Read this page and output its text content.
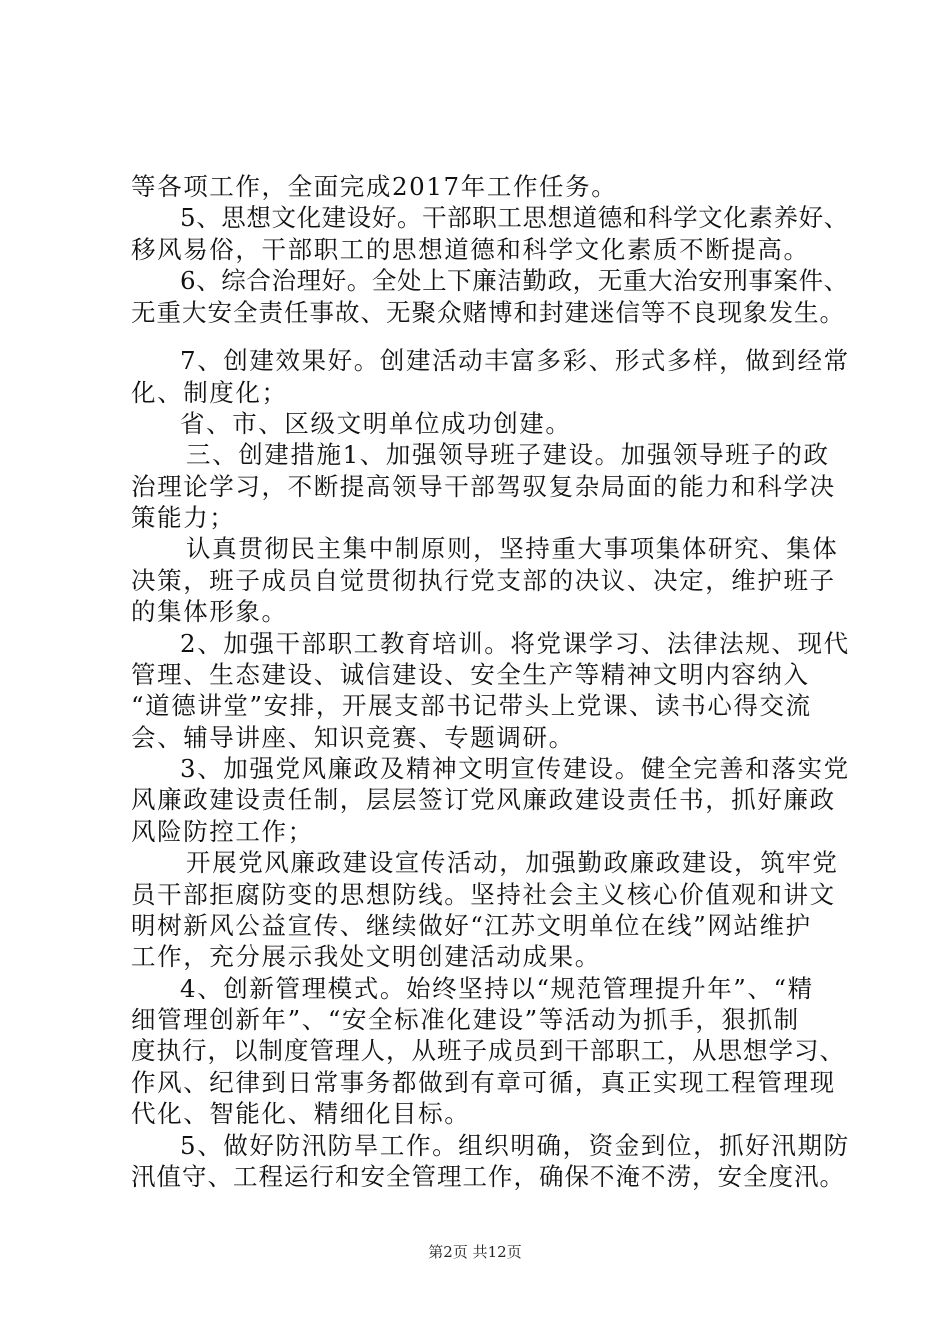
等各项工作，全面完成2017年工作任务。
5、思想文化建设好。干部职工思想道德和科学文化素养好、
移风易俗，干部职工的思想道德和科学文化素质不断提高。
6、综合治理好。全处上下廉洁勤政，无重大治安刑事案件、
无重大安全责任事故、无聚众赌博和封建迷信等不良现象发生。
7、创建效果好。创建活动丰富多彩、形式多样，做到经常
化、制度化；
省、市、区级文明单位成功创建。
三、创建措施1、加强领导班子建设。加强领导班子的政
治理论学习，不断提高领导干部驾驭复杂局面的能力和科学决
策能力；
认真贯彻民主集中制原则，坚持重大事项集体研究、集体
决策，班子成员自觉贯彻执行党支部的决议、决定，维护班子
的集体形象。
2、加强干部职工教育培训。将党课学习、法律法规、现代
管理、生态建设、诚信建设、安全生产等精神文明内容纳入
“道德讲堂”安排，开展支部书记带头上党课、读书心得交流
会、辅导讲座、知识竞赛、专题调研。
3、加强党风廉政及精神文明宣传建设。健全完善和落实党
风廉政建设责任制，层层签订党风廉政建设责任书，抓好廉政
风险防控工作；
开展党风廉政建设宣传活动，加强勤政廉政建设，筑牢党
员干部拒腐防变的思想防线。坚持社会主义核心价值观和讲文
明树新风公益宣传、继续做好“江苏文明单位在线”网站维护
工作，充分展示我处文明创建活动成果。
4、创新管理模式。始终坚持以“规范管理提升年”、“精
细管理创新年”、“安全标准化建设”等活动为抓手，狠抓制
度执行，以制度管理人，从班子成员到干部职工，从思想学习、
作风、纪律到日常事务都做到有章可循，真正实现工程管理现
代化、智能化、精细化目标。
5、做好防汛防旱工作。组织明确，资金到位，抓好汛期防
汛值守、工程运行和安全管理工作，确保不淹不涝，安全度汛。
第2页 共12页
